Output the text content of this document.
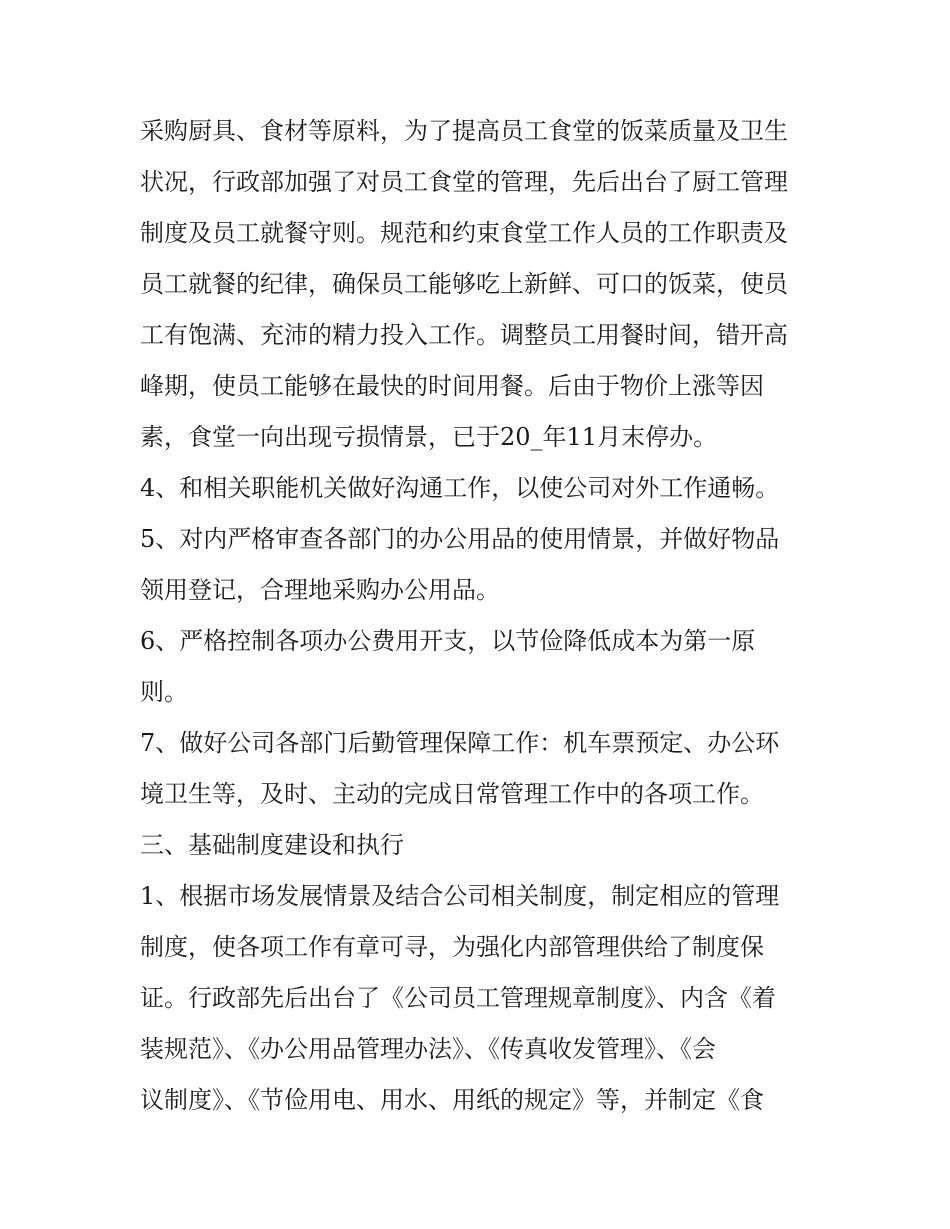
采购厨具、食材等原料，为了提高员工食堂的饭菜质量及卫生
状况，行政部加强了对员工食堂的管理，先后出台了厨工管理
制度及员工就餐守则。规范和约束食堂工作人员的工作职责及
员工就餐的纪律，确保员工能够吃上新鲜、可口的饭菜，使员
工有饱满、充沛的精力投入工作。调整员工用餐时间，错开高
峰期，使员工能够在最快的时间用餐。后由于物价上涨等因
素，食堂一向出现亏损情景，已于20_年11月末停办。
4、和相关职能机关做好沟通工作，以使公司对外工作通畅。
5、对内严格审查各部门的办公用品的使用情景，并做好物品
领用登记，合理地采购办公用品。
6、严格控制各项办公费用开支，以节俭降低成本为第一原
则。
7、做好公司各部门后勤管理保障工作：机车票预定、办公环
境卫生等，及时、主动的完成日常管理工作中的各项工作。
三、基础制度建设和执行
1、根据市场发展情景及结合公司相关制度，制定相应的管理
制度，使各项工作有章可寻，为强化内部管理供给了制度保
证。行政部先后出台了《公司员工管理规章制度》、内含《着
装规范》、《办公用品管理办法》、《传真收发管理》、《会
议制度》、《节俭用电、用水、用纸的规定》等，并制定《食
